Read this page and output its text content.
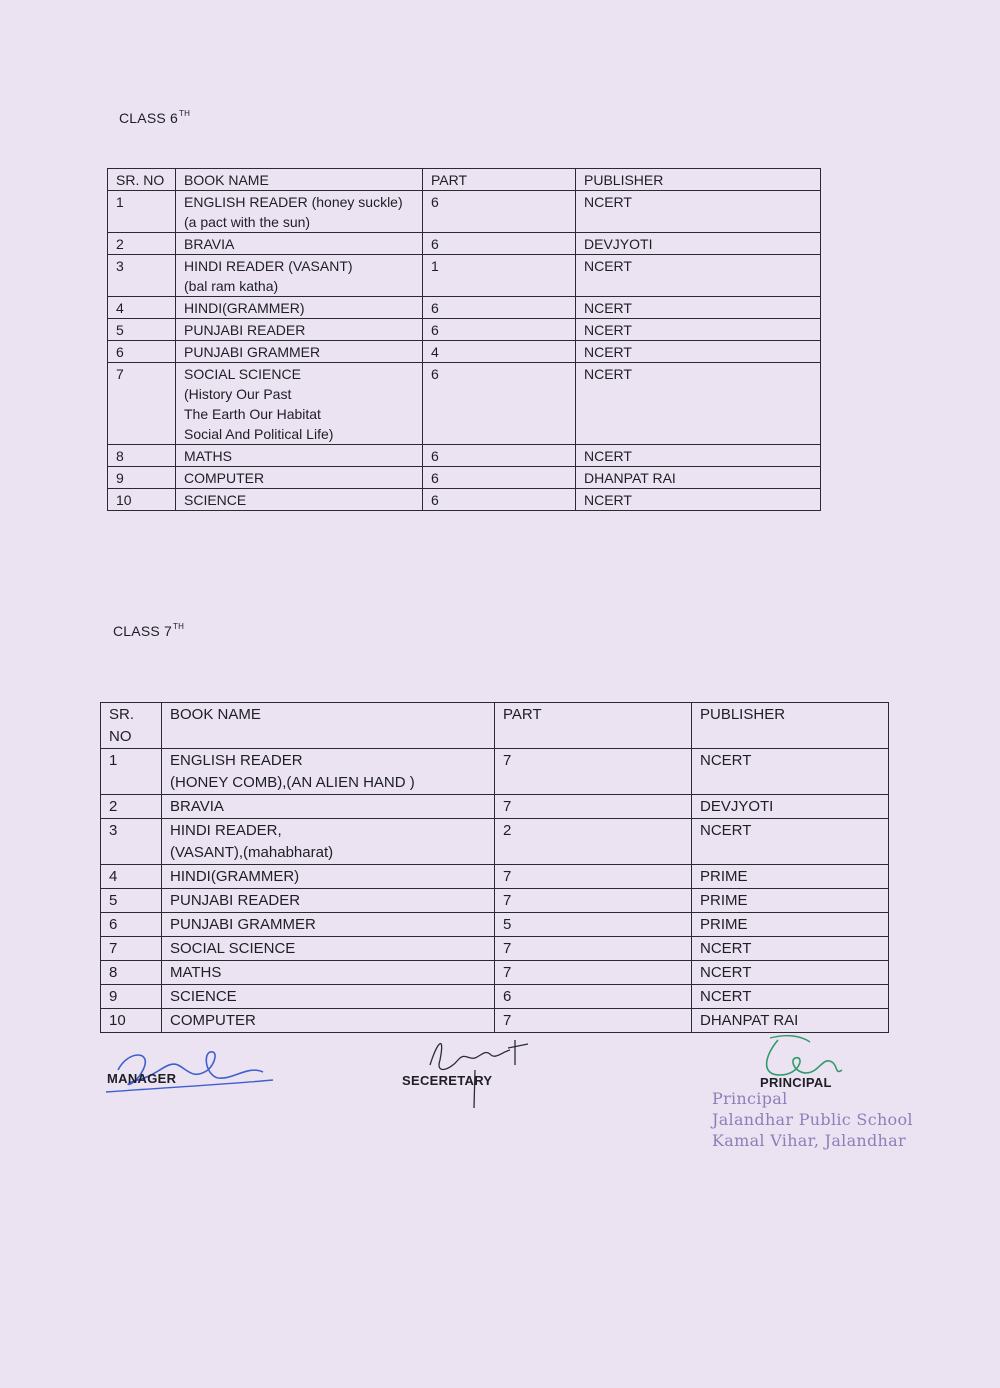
CLASS 6TH
SR. NO	BOOK NAME	PART	PUBLISHER
1	ENGLISH READER (honey suckle)
(a pact with the sun)	6	NCERT
2	BRAVIA	6	DEVJYOTI
3	HINDI READER (VASANT)
(bal ram katha)	1	NCERT
4	HINDI(GRAMMER)	6	NCERT
5	PUNJABI READER	6	NCERT
6	PUNJABI GRAMMER	4	NCERT
7	SOCIAL SCIENCE
(History Our Past
The Earth Our Habitat
Social And Political Life)	6	NCERT
8	MATHS	6	NCERT
9	COMPUTER	6	DHANPAT RAI
10	SCIENCE	6	NCERT
CLASS 7TH
SR. NO	BOOK NAME	PART	PUBLISHER
1	ENGLISH READER
(HONEY COMB),(AN ALIEN HAND )	7	NCERT
2	BRAVIA	7	DEVJYOTI
3	HINDI READER,
(VASANT),(mahabharat)	2	NCERT
4	HINDI(GRAMMER)	7	PRIME
5	PUNJABI READER	7	PRIME
6	PUNJABI GRAMMER	5	PRIME
7	SOCIAL SCIENCE	7	NCERT
8	MATHS	7	NCERT
9	SCIENCE	6	NCERT
10	COMPUTER	7	DHANPAT RAI
MANAGER	SECERETARY	PRINCIPAL
Principal
Jalandhar Public School
Kamal Vihar, Jalandhar
